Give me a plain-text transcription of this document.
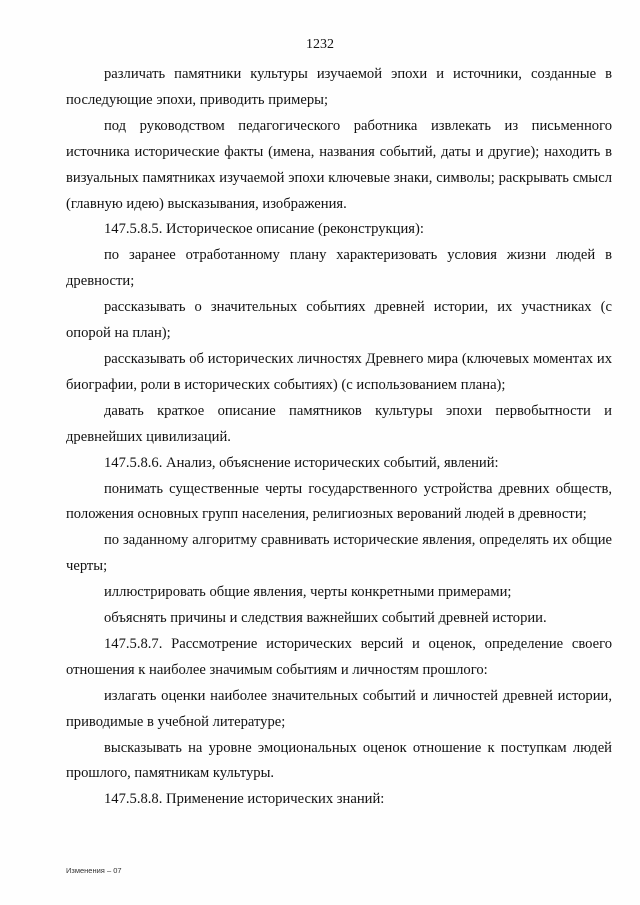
1232

различать памятники культуры изучаемой эпохи и источники, созданные в последующие эпохи, приводить примеры;

под руководством педагогического работника извлекать из письменного источника исторические факты (имена, названия событий, даты и другие); находить в визуальных памятниках изучаемой эпохи ключевые знаки, символы; раскрывать смысл (главную идею) высказывания, изображения.

147.5.8.5. Историческое описание (реконструкция):

по заранее отработанному плану характеризовать условия жизни людей в древности;

рассказывать о значительных событиях древней истории, их участниках (с опорой на план);

рассказывать об исторических личностях Древнего мира (ключевых моментах их биографии, роли в исторических событиях) (с использованием плана);

давать краткое описание памятников культуры эпохи первобытности и древнейших цивилизаций.

147.5.8.6. Анализ, объяснение исторических событий, явлений:

понимать существенные черты государственного устройства древних обществ, положения основных групп населения, религиозных верований людей в древности;

по заданному алгоритму сравнивать исторические явления, определять их общие черты;

иллюстрировать общие явления, черты конкретными примерами;

объяснять причины и следствия важнейших событий древней истории.

147.5.8.7. Рассмотрение исторических версий и оценок, определение своего отношения к наиболее значимым событиям и личностям прошлого:

излагать оценки наиболее значительных событий и личностей древней истории, приводимые в учебной литературе;

высказывать на уровне эмоциональных оценок отношение к поступкам людей прошлого, памятникам культуры.

147.5.8.8. Применение исторических знаний:

Изменения – 07
